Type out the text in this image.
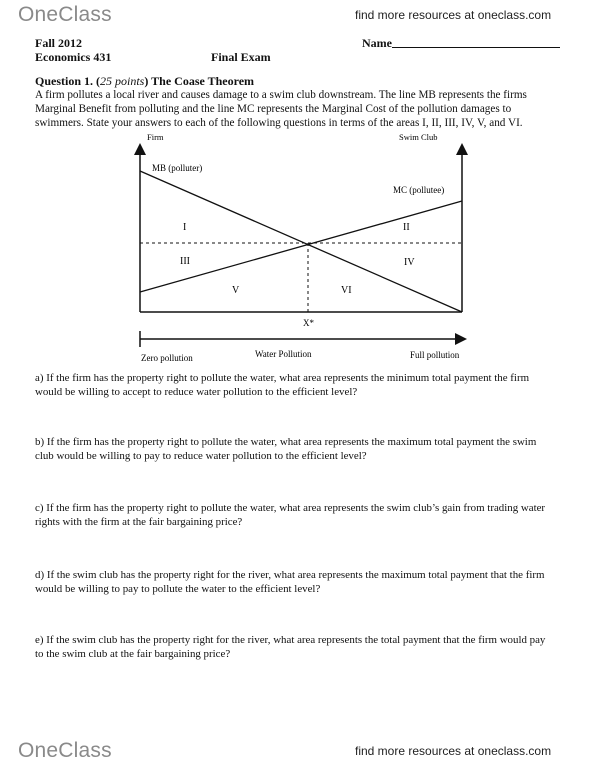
OneClass	find more resources at oneclass.com
Fall 2012
Economics 431	Final Exam
Name
Question 1. (25 points) The Coase Theorem
A firm pollutes a local river and causes damage to a swim club downstream. The line MB represents the firms Marginal Benefit from polluting and the line MC represents the Marginal Cost of the pollution damages to swimmers. State your answers to each of the following questions in terms of the areas I, II, III, IV, V, and VI.
Firm	Swim Club
MB (polluter)
MC (pollutee)
I	II
III	IV
V	VI
X*
Zero pollution	Water Pollution	Full pollution
a) If the firm has the property right to pollute the water, what area represents the minimum total payment the firm would be willing to accept to reduce water pollution to the efficient level?
b) If the firm has the property right to pollute the water, what area represents the maximum total payment the swim club would be willing to pay to reduce water pollution to the efficient level?
c) If the firm has the property right to pollute the water, what area represents the swim club’s gain from trading water rights with the firm at the fair bargaining price?
d) If the swim club has the property right for the river, what area represents the maximum total payment that the firm would be willing to pay to pollute the water to the efficient level?
e) If the swim club has the property right for the river, what area represents the total payment that the firm would pay to the swim club at the fair bargaining price?
OneClass	find more resources at oneclass.com
